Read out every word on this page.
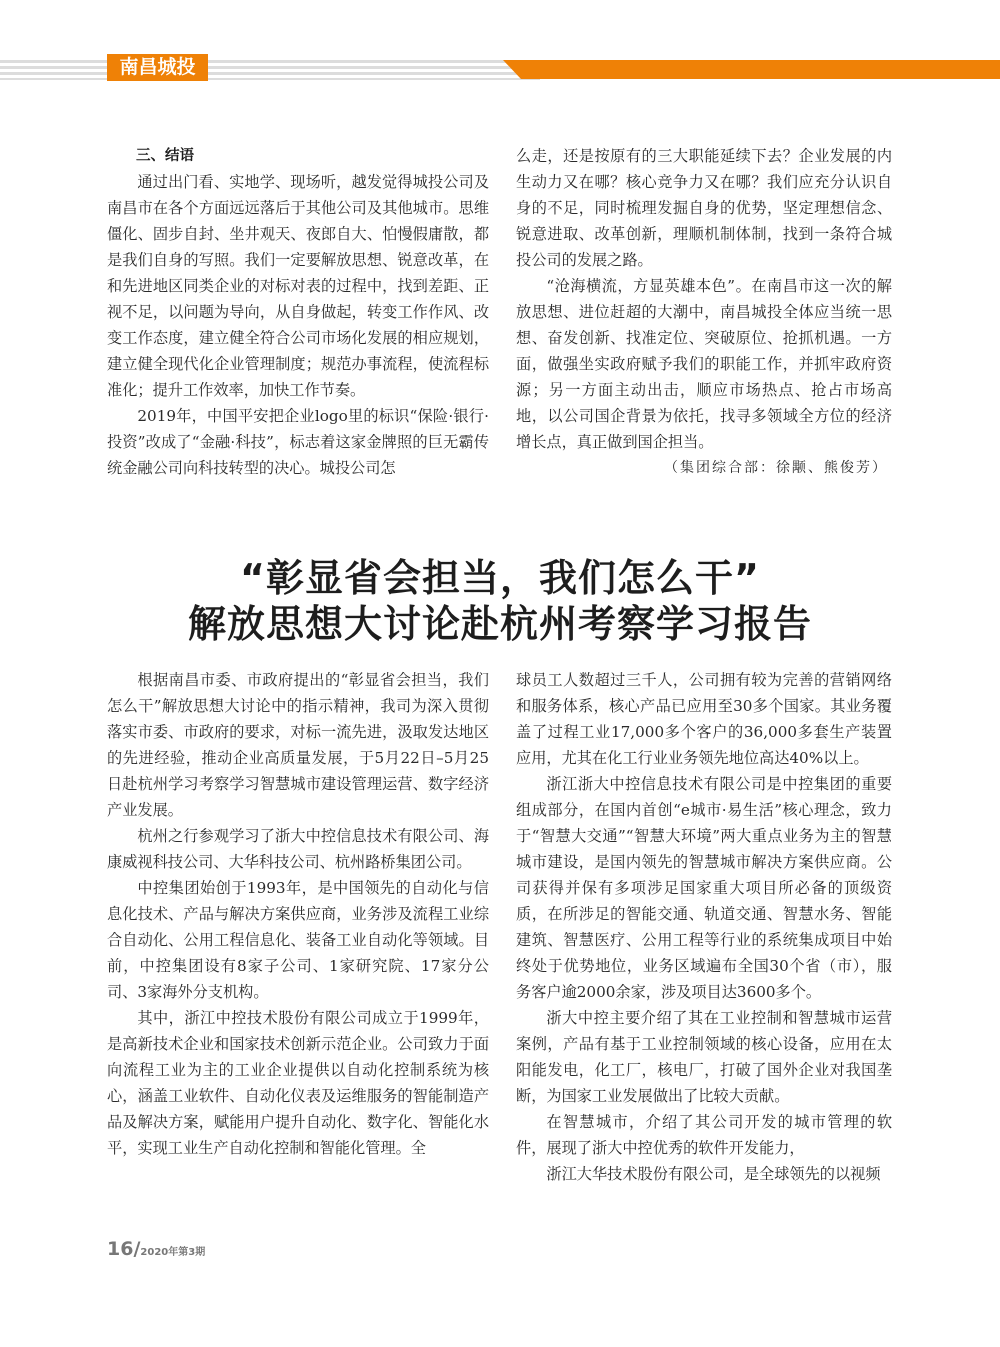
南昌城投
三、结语

通过出门看、实地学、现场听，越发觉得城投公司及南昌市在各个方面远远落后于其他公司及其他城市。思维僵化、固步自封、坐井观天、夜郎自大、怕慢假庸散，都是我们自身的写照。我们一定要解放思想、锐意改革，在和先进地区同类企业的对标对表的过程中，找到差距、正视不足，以问题为导向，从自身做起，转变工作作风、改变工作态度，建立健全符合公司市场化发展的相应规划，建立健全现代化企业管理制度；规范办事流程，使流程标准化；提升工作效率，加快工作节奏。

2019年，中国平安把企业logo里的标识“保险·银行·投资”改成了“金融·科技”，标志着这家金牌照的巨无霸传统金融公司向科技转型的决心。城投公司怎

么走，还是按原有的三大职能延续下去？企业发展的内生动力又在哪？核心竞争力又在哪？我们应充分认识自身的不足，同时梳理发掘自身的优势，坚定理想信念、锐意进取、改革创新，理顺机制体制，找到一条符合城投公司的发展之路。

“沧海横流，方显英雄本色”。在南昌市这一次的解放思想、进位赶超的大潮中，南昌城投全体应当统一思想、奋发创新、找准定位、突破原位、抢抓机遇。一方面，做强坐实政府赋予我们的职能工作，并抓牢政府资源；另一方面主动出击，顺应市场热点、抢占市场高地，以公司国企背景为依托，找寻多领域全方位的经济增长点，真正做到国企担当。

（集团综合部：徐颙、熊俊芳）
“彰显省会担当，我们怎么干”
解放思想大讨论赴杭州考察学习报告

根据南昌市委、市政府提出的“彰显省会担当，我们怎么干”解放思想大讨论中的指示精神，我司为深入贯彻落实市委、市政府的要求，对标一流先进，汲取发达地区的先进经验，推动企业高质量发展，于5月22日–5月25日赴杭州学习考察学习智慧城市建设管理运营、数字经济产业发展。

杭州之行参观学习了浙大中控信息技术有限公司、海康威视科技公司、大华科技公司、杭州路桥集团公司。

中控集团始创于1993年，是中国领先的自动化与信息化技术、产品与解决方案供应商，业务涉及流程工业综合自动化、公用工程信息化、装备工业自动化等领域。目前，中控集团设有8家子公司、1家研究院、17家分公司、3家海外分支机构。

其中，浙江中控技术股份有限公司成立于1999年，是高新技术企业和国家技术创新示范企业。公司致力于面向流程工业为主的工业企业提供以自动化控制系统为核心，涵盖工业软件、自动化仪表及运维服务的智能制造产品及解决方案，赋能用户提升自动化、数字化、智能化水平，实现工业生产自动化控制和智能化管理。全

球员工人数超过三千人，公司拥有较为完善的营销网络和服务体系，核心产品已应用至30多个国家。其业务覆盖了过程工业17,000多个客户的36,000多套生产装置应用，尤其在化工行业业务领先地位高达40%以上。

浙江浙大中控信息技术有限公司是中控集团的重要组成部分，在国内首创“e城市·易生活”核心理念，致力于“智慧大交通”“智慧大环境”两大重点业务为主的智慧城市建设，是国内领先的智慧城市解决方案供应商。公司获得并保有多项涉足国家重大项目所必备的顶级资质，在所涉足的智能交通、轨道交通、智慧水务、智能建筑、智慧医疗、公用工程等行业的系统集成项目中始终处于优势地位，业务区域遍布全国30个省（市），服务客户逾2000余家，涉及项目达3600多个。

浙大中控主要介绍了其在工业控制和智慧城市运营案例，产品有基于工业控制领域的核心设备，应用在太阳能发电，化工厂，核电厂，打破了国外企业对我国垄断，为国家工业发展做出了比较大贡献。

在智慧城市，介绍了其公司开发的城市管理的软件，展现了浙大中控优秀的软件开发能力，

浙江大华技术股份有限公司，是全球领先的以视频

16/2020年第3期
